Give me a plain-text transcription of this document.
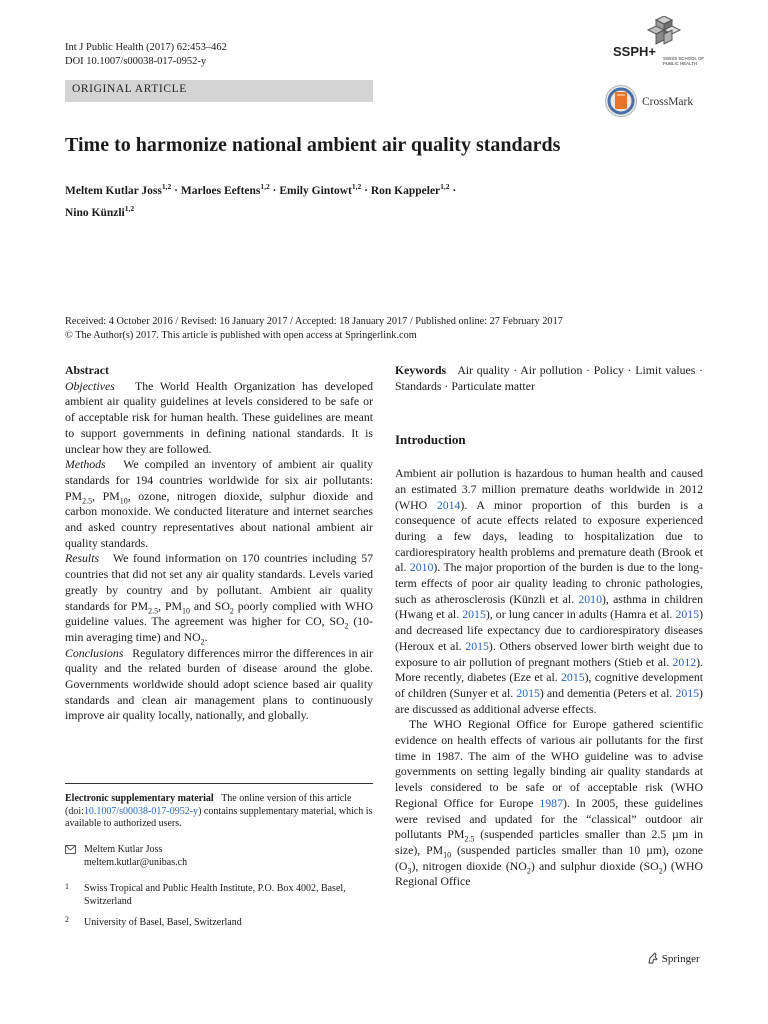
Int J Public Health (2017) 62:453–462
DOI 10.1007/s00038-017-0952-y
ORIGINAL ARTICLE
SSPH+ SWISS SCHOOL OF
PUBLIC HEALTH
CrossMark
Time to harmonize national ambient air quality standards
Meltem Kutlar Joss$^{1,2}$ · Marloes Eeftens$^{1,2}$ · Emily Gintowt$^{1,2}$ · Ron Kappeler$^{1,2}$ ·
Nino Künzli$^{1,2}$
Received: 4 October 2016 / Revised: 16 January 2017 / Accepted: 18 January 2017 / Published online: 27 February 2017
© The Author(s) 2017. This article is published with open access at Springerlink.com

Abstract

Objectives The World Health Organization has developed ambient air quality guidelines at levels considered to be safe or of acceptable risk for human health. These guidelines are meant to support governments in defining national standards. It is unclear how they are followed.

Methods We compiled an inventory of ambient air quality standards for 194 countries worldwide for six air pollutants: $PM_{2.5}$, $PM_{10}$, ozone, nitrogen dioxide, sulphur dioxide and carbon monoxide. We conducted literature and internet searches and asked country representatives about national ambient air quality standards.

Results We found information on 170 countries including 57 countries that did not set any air quality standards. Levels varied greatly by country and by pollutant. Ambient air quality standards for $PM_{2.5}$, $PM_{10}$ and $SO_2$ poorly complied with WHO guideline values. The agreement was higher for CO, $SO_2$ (10-min averaging time) and $NO_2$.

Conclusions Regulatory differences mirror the differences in air quality and the related burden of disease around the globe. Governments worldwide should adopt science based air quality standards and clean air management plans to continuously improve air quality locally, nationally, and globally.

Electronic supplementary material The online version of this article (doi:10.1007/s00038-017-0952-y) contains supplementary material, which is available to authorized users.
Meltem Kutlar Joss
meltem.kutlar@unibas.ch
1 Swiss Tropical and Public Health Institute, P.O. Box 4002, Basel, Switzerland
2 University of Basel, Basel, Switzerland

Keywords Air quality · Air pollution · Policy · Limit values · Standards · Particulate matter

Introduction

Ambient air pollution is hazardous to human health and caused an estimated 3.7 million premature deaths worldwide in 2012 (WHO 2014). A minor proportion of this burden is a consequence of acute effects related to exposure experienced during a few days, leading to hospitalization due to cardiorespiratory health problems and premature death (Brook et al. 2010). The major proportion of the burden is due to the long-term effects of poor air quality leading to chronic pathologies, such as atherosclerosis (Künzli et al. 2010), asthma in children (Hwang et al. 2015), or lung cancer in adults (Hamra et al. 2015) and decreased life expectancy due to cardiorespiratory diseases (Heroux et al. 2015). Others observed lower birth weight due to exposure to air pollution of pregnant mothers (Stieb et al. 2012). More recently, diabetes (Eze et al. 2015), cognitive development of children (Sunyer et al. 2015) and dementia (Peters et al. 2015) are discussed as additional adverse effects.

The WHO Regional Office for Europe gathered scientific evidence on health effects of various air pollutants for the first time in 1987. The aim of the WHO guideline was to advise governments on setting legally binding air quality standards at levels considered to be safe or of acceptable risk (WHO Regional Office for Europe 1987). In 2005, these guidelines were revised and updated for the “classical” outdoor air pollutants $PM_{2.5}$ (suspended particles smaller than 2.5 µm in size), $PM_{10}$ (suspended particles smaller than 10 µm), ozone $(O_3)$, nitrogen dioxide $(NO_2)$ and sulphur dioxide $(SO_2)$ (WHO Regional Office

Springer
